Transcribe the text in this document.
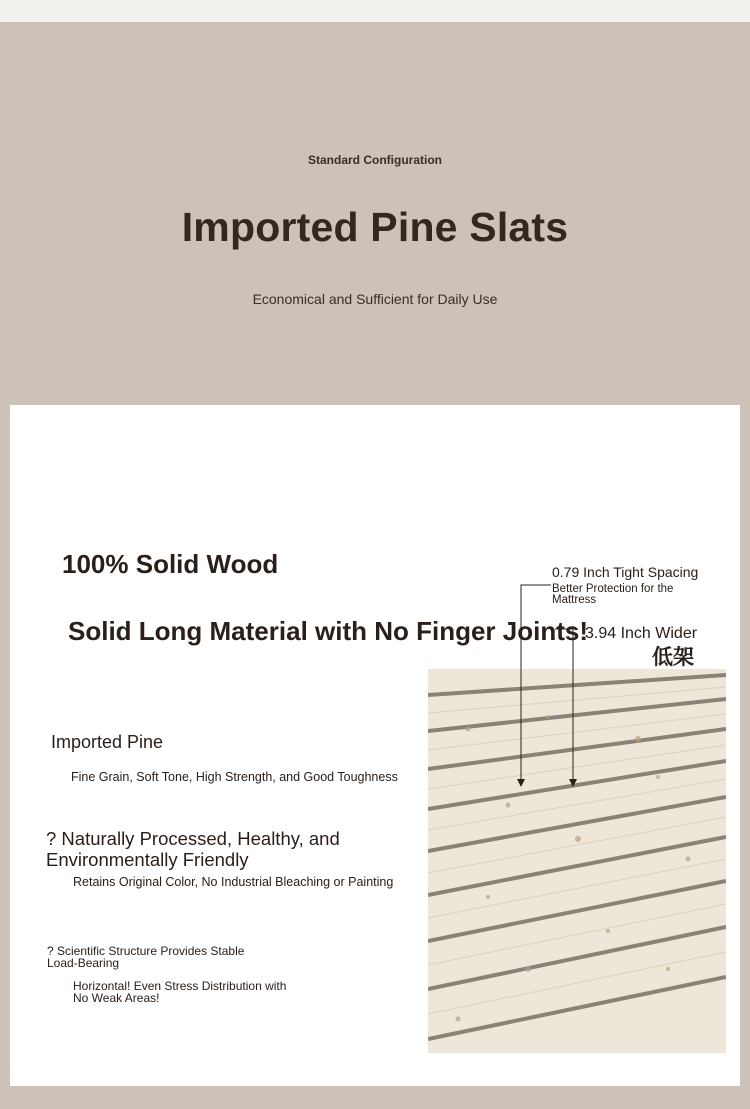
Standard Configuration
Imported Pine Slats
Economical and Sufficient for Daily Use
100% Solid Wood
Solid Long Material with No Finger Joints!
0.79 Inch Tight Spacing
Better Protection for the Mattress
3.94 Inch Wider
低架
Imported Pine
Fine Grain, Soft Tone, High Strength, and Good Toughness
? Naturally Processed, Healthy, and Environmentally Friendly
Retains Original Color, No Industrial Bleaching or Painting
? Scientific Structure Provides Stable Load-Bearing
Horizontal! Even Stress Distribution with No Weak Areas!
